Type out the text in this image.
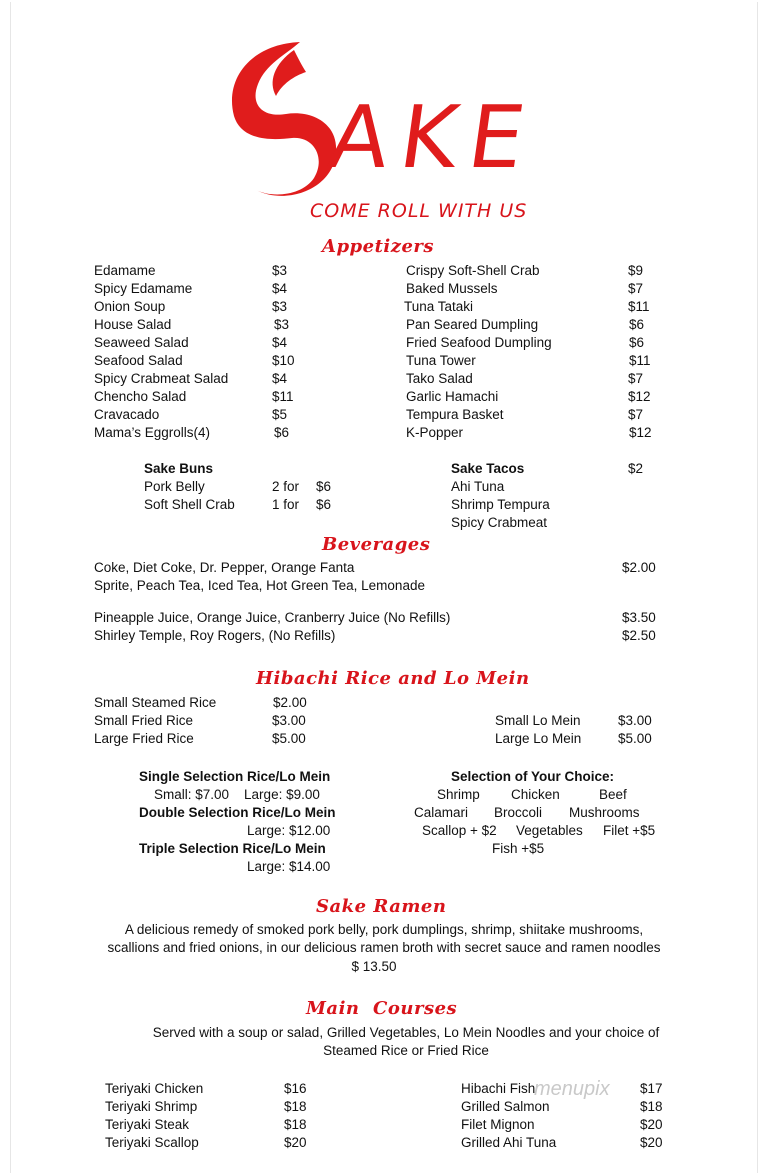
AKE
COME ROLL WITH US
Appetizers
Edamame	$3
Spicy Edamame	$4
Onion Soup	$3
House Salad	$3
Seaweed Salad	$4
Seafood Salad	$10
Spicy Crabmeat Salad	$4
Chencho Salad	$11
Cravacado	$5
Mama’s Eggrolls(4)	$6
Crispy Soft-Shell Crab	$9
Baked Mussels	$7
Tuna Tataki	$11
Pan Seared Dumpling	$6
Fried Seafood Dumpling	$6
Tuna Tower	$11
Tako Salad	$7
Garlic Hamachi	$12
Tempura Basket	$7
K-Popper	$12
Sake Buns
Pork Belly	2 for $6
Soft Shell Crab	1 for $6
Sake Tacos	$2
Ahi Tuna
Shrimp Tempura
Spicy Crabmeat
Beverages
Coke, Diet Coke, Dr. Pepper, Orange Fanta
Sprite, Peach Tea, Iced Tea, Hot Green Tea, Lemonade
$2.00
Pineapple Juice, Orange Juice, Cranberry Juice (No Refills)	$3.50
Shirley Temple, Roy Rogers, (No Refills)	$2.50
Hibachi Rice and Lo Mein
Small Steamed Rice	$2.00
Small Fried Rice	$3.00
Large Fried Rice	$5.00
Small Lo Mein	$3.00
Large Lo Mein	$5.00
Single Selection Rice/Lo Mein
Small: $7.00    Large: $9.00
Double Selection Rice/Lo Mein
Large: $12.00
Triple Selection Rice/Lo Mein
Large: $14.00
Selection of Your Choice:
Shrimp Chicken	Beef
Calamari Broccoli Mushrooms
Scallop + $2 Vegetables Filet +$5
Fish +$5
Sake Ramen
A delicious remedy of smoked pork belly, pork dumplings, shrimp, shiitake mushrooms,
scallions and fried onions, in our delicious ramen broth with secret sauce and ramen noodles
$ 13.50
Main  Courses
Served with a soup or salad, Grilled Vegetables, Lo Mein Noodles and your choice of
Steamed Rice or Fried Rice
Teriyaki Chicken	$16
Teriyaki Shrimp	$18
Teriyaki Steak	$18
Teriyaki Scallop	$20
Hibachi Fish	$17
Grilled Salmon	$18
Filet Mignon	$20
Grilled Ahi Tuna	$20
menupix
